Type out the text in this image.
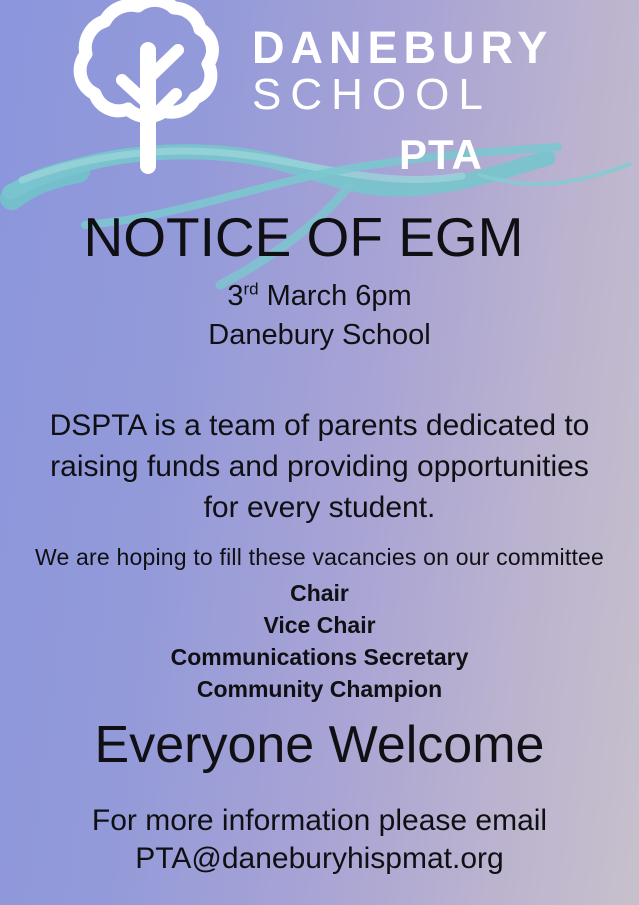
DANEBURY
SCHOOL
PTA
NOTICE OF EGM
3rd March 6pm
Danebury School
DSPTA is a team of parents dedicated to
raising funds and providing opportunities
for every student.
We are hoping to fill these vacancies on our committee
Chair
Vice Chair
Communications Secretary
Community Champion
Everyone Welcome
For more information please email
PTA@daneburyhispmat.org
